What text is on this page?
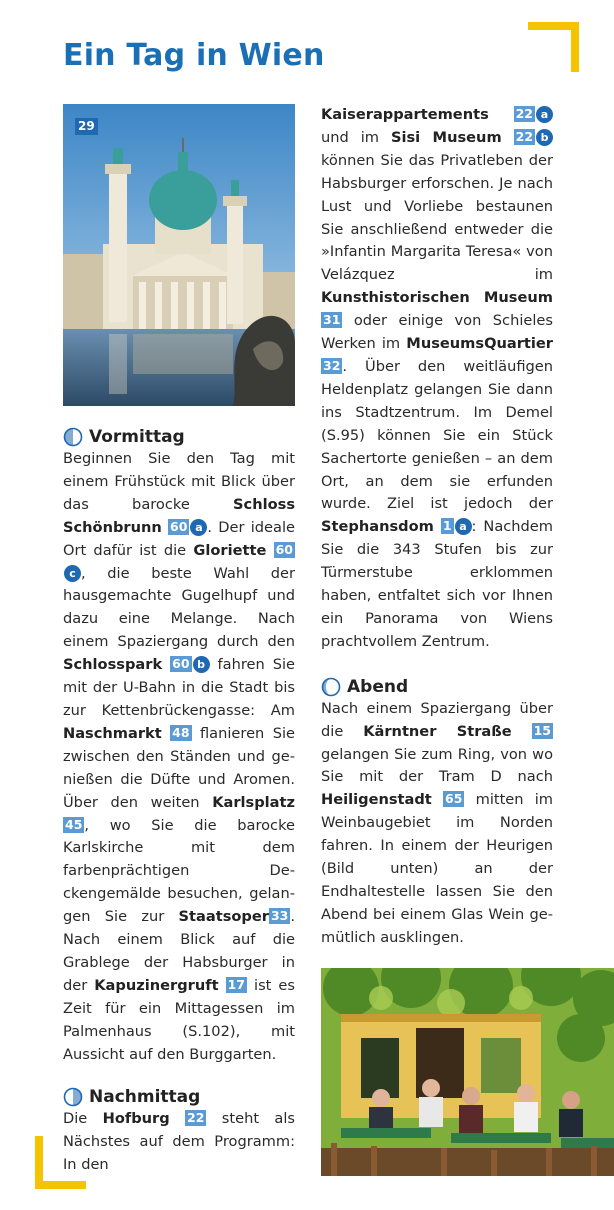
Ein Tag in Wien
29
Vormittag

Beginnen Sie den Tag mit einem Frühstück mit Blick über das barocke Schloss Schönbrunn 60 a . Der ideale Ort dafür ist die Gloriette 60c , die beste Wahl der hausgemachte Gugelhupf und dazu eine Melange. Nach einem Spaziergang durch den Schlosspark 60 b fahren Sie mit der U-Bahn in die Stadt bis zur Kettenbrückengasse: Am Naschmarkt 48 flanieren Sie zwischen den Ständen und genießen die Düfte und Aromen. Über den weiten Karlsplatz 45 , wo Sie die barocke Karlskirche mit dem farbenprächtigen Deckengemälde besuchen, gelangen Sie zur Staatsoper 33 . Nach einem Blick auf die Grablege der Habsburger in der Kapuzinergruft 17 ist es Zeit für ein Mittagessen im Palmenhaus (S.102), mit Aussicht auf den Burggarten.

Nachmittag

Die Hofburg 22 steht als Nächstes auf dem Programm: In den

Kaiserappartements 22 a und im Sisi Museum 22 b können Sie das Privatleben der Habsburger erforschen. Je nach Lust und Vorliebe bestaunen Sie anschließend entweder die »Infantin Margarita Teresa« von Velázquez im Kunsthistorischen Museum 31 oder einige von Schieles Werken im MuseumsQuartier 32 . Über den weitläufigen Heldenplatz gelangen Sie dann ins Stadtzentrum. Im Demel (S.95) können Sie ein Stück Sachertorte genießen – an dem Ort, an dem sie erfunden wurde. Ziel ist jedoch der Stephansdom 1 a : Nachdem Sie die 343 Stufen bis zur Türmerstube erklommen haben, entfaltet sich vor Ihnen ein Panorama von Wiens prachtvollem Zentrum.

Abend

Nach einem Spaziergang über die Kärntner Straße 15 gelangen Sie zum Ring, von wo Sie mit der Tram D nach Heiligenstadt 65 mitten im Weinbaugebiet im Norden fahren. In einem der Heurigen (Bild unten) an der Endhaltestelle lassen Sie den Abend bei einem Glas Wein gemütlich ausklingen.
